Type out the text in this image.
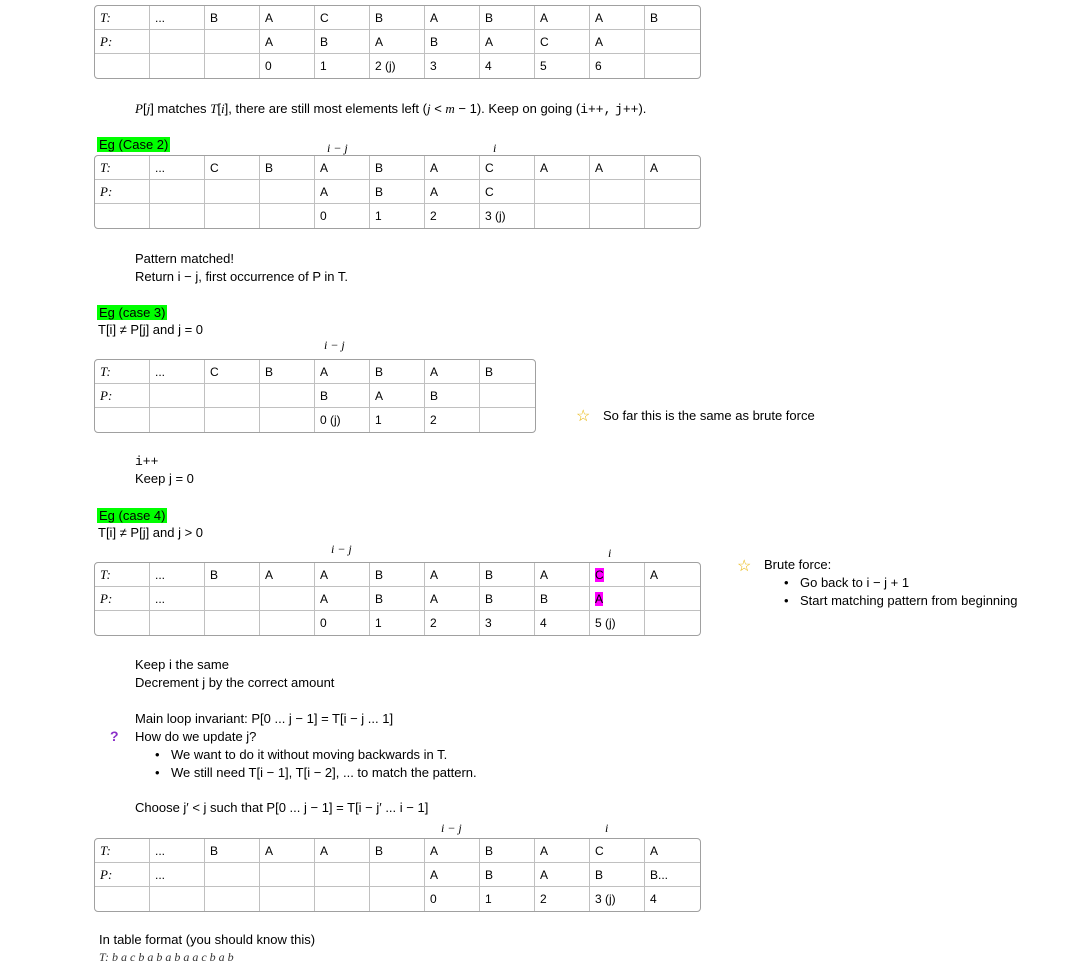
T:	...	B	A	C	B	A	B	A	A	B
P:			A	B	A	B	A	C	A	
			0	1	2 (j)	3	4	5	6	
P[j] matches T[i], there are still most elements left (j < m − 1). Keep on going (i++, j++).
Eg (Case 2)	i − j	i
T:	...	C	B	A	B	A	C	A	A	A
P:				A	B	A	C			
				0	1	2	3 (j)			
Pattern matched!
Return i − j, first occurrence of P in T.
Eg (case 3)
T[i] ≠ P[j] and j = 0
i − j
T:	...	C	B	A	B	A	B
P:				B	A	B	
				0 (j)	1	2		☆ So far this is the same as brute force
i++
Keep j = 0
Eg (case 4)
T[i] ≠ P[j] and j > 0
i − j	i
T:	...	B	A	A	B	A	B	A	C	A
P:	...			A	B	A	B	B	A	
				0	1	2	3	4	5 (j)	
☆ Brute force:
• Go back to i − j + 1
• Start matching pattern from beginning
Keep i the same
Decrement j by the correct amount
Main loop invariant: P[0 ... j − 1] = T[i − j ... 1]
? How do we update j?
• We want to do it without moving backwards in T.
• We still need T[i − 1], T[i − 2], ... to match the pattern.
Choose j′ < j such that P[0 ... j − 1] = T[i − j′ ... i − 1]
i − j	i
T:	...	B	A	A	B	A	B	A	C	A
P:	...					A	B	A	B	B...
						0	1	2	3 (j)	4
In table format (you should know this)
T: b a c b a b a b a a c b a b
